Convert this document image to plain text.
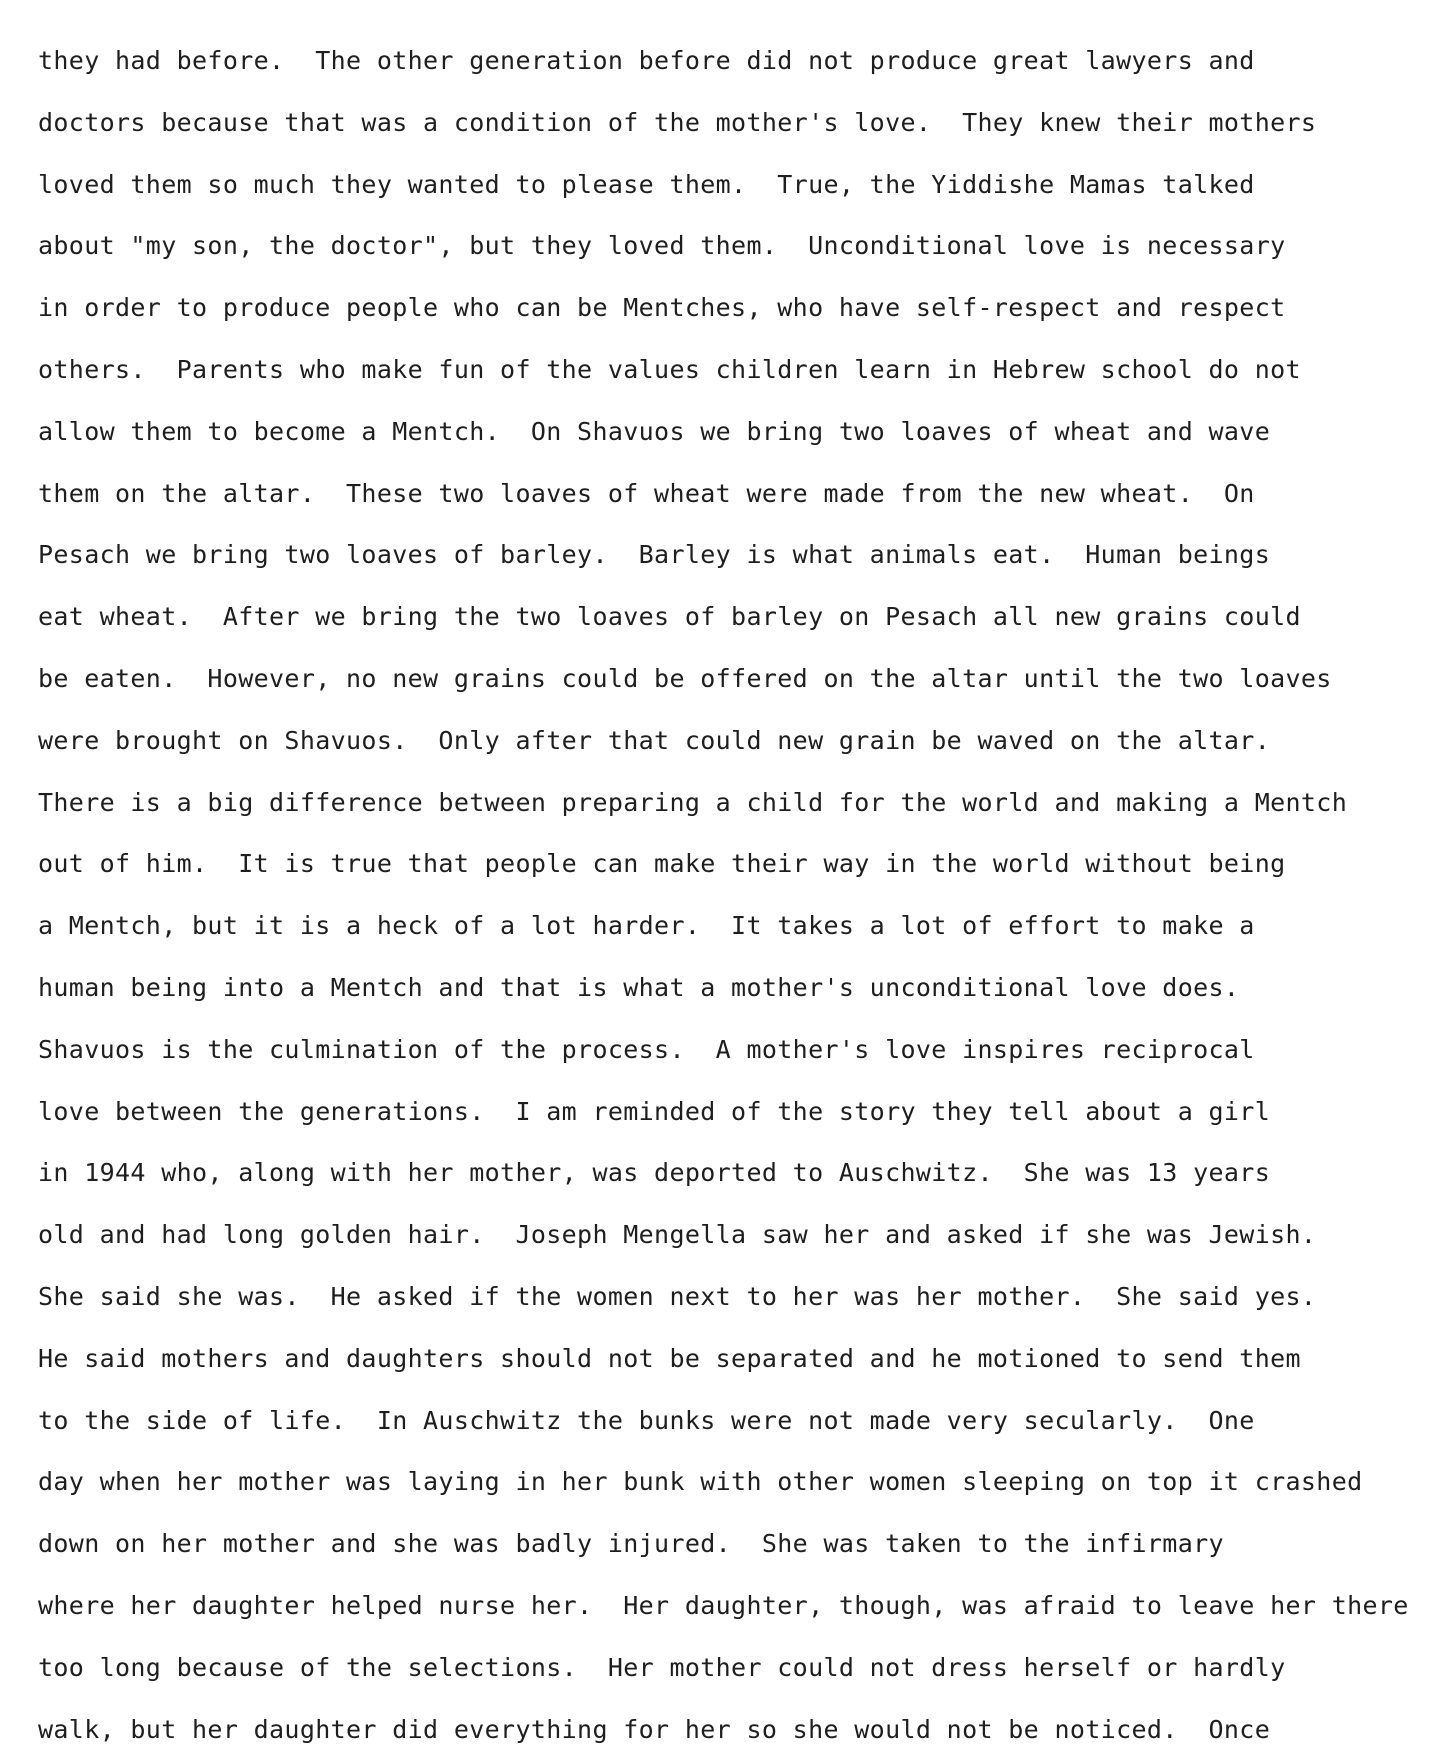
they had before.  The other generation before did not produce great lawyers and
doctors because that was a condition of the mother's love.  They knew their mothers
loved them so much they wanted to please them.  True, the Yiddishe Mamas talked
about "my son, the doctor", but they loved them.  Unconditional love is necessary
in order to produce people who can be Mentches, who have self-respect and respect
others.  Parents who make fun of the values children learn in Hebrew school do not
allow them to become a Mentch.  On Shavuos we bring two loaves of wheat and wave
them on the altar.  These two loaves of wheat were made from the new wheat.  On
Pesach we bring two loaves of barley.  Barley is what animals eat.  Human beings
eat wheat.  After we bring the two loaves of barley on Pesach all new grains could
be eaten.  However, no new grains could be offered on the altar until the two loaves
were brought on Shavuos.  Only after that could new grain be waved on the altar.
There is a big difference between preparing a child for the world and making a Mentch
out of him.  It is true that people can make their way in the world without being
a Mentch, but it is a heck of a lot harder.  It takes a lot of effort to make a
human being into a Mentch and that is what a mother's unconditional love does.
Shavuos is the culmination of the process.  A mother's love inspires reciprocal
love between the generations.  I am reminded of the story they tell about a girl
in 1944 who, along with her mother, was deported to Auschwitz.  She was 13 years
old and had long golden hair.  Joseph Mengella saw her and asked if she was Jewish.
She said she was.  He asked if the women next to her was her mother.  She said yes.
He said mothers and daughters should not be separated and he motioned to send them
to the side of life.  In Auschwitz the bunks were not made very secularly.  One
day when her mother was laying in her bunk with other women sleeping on top it crashed
down on her mother and she was badly injured.  She was taken to the infirmary
where her daughter helped nurse her.  Her daughter, though, was afraid to leave her there
too long because of the selections.  Her mother could not dress herself or hardly
walk, but her daughter did everything for her so she would not be noticed.  Once
